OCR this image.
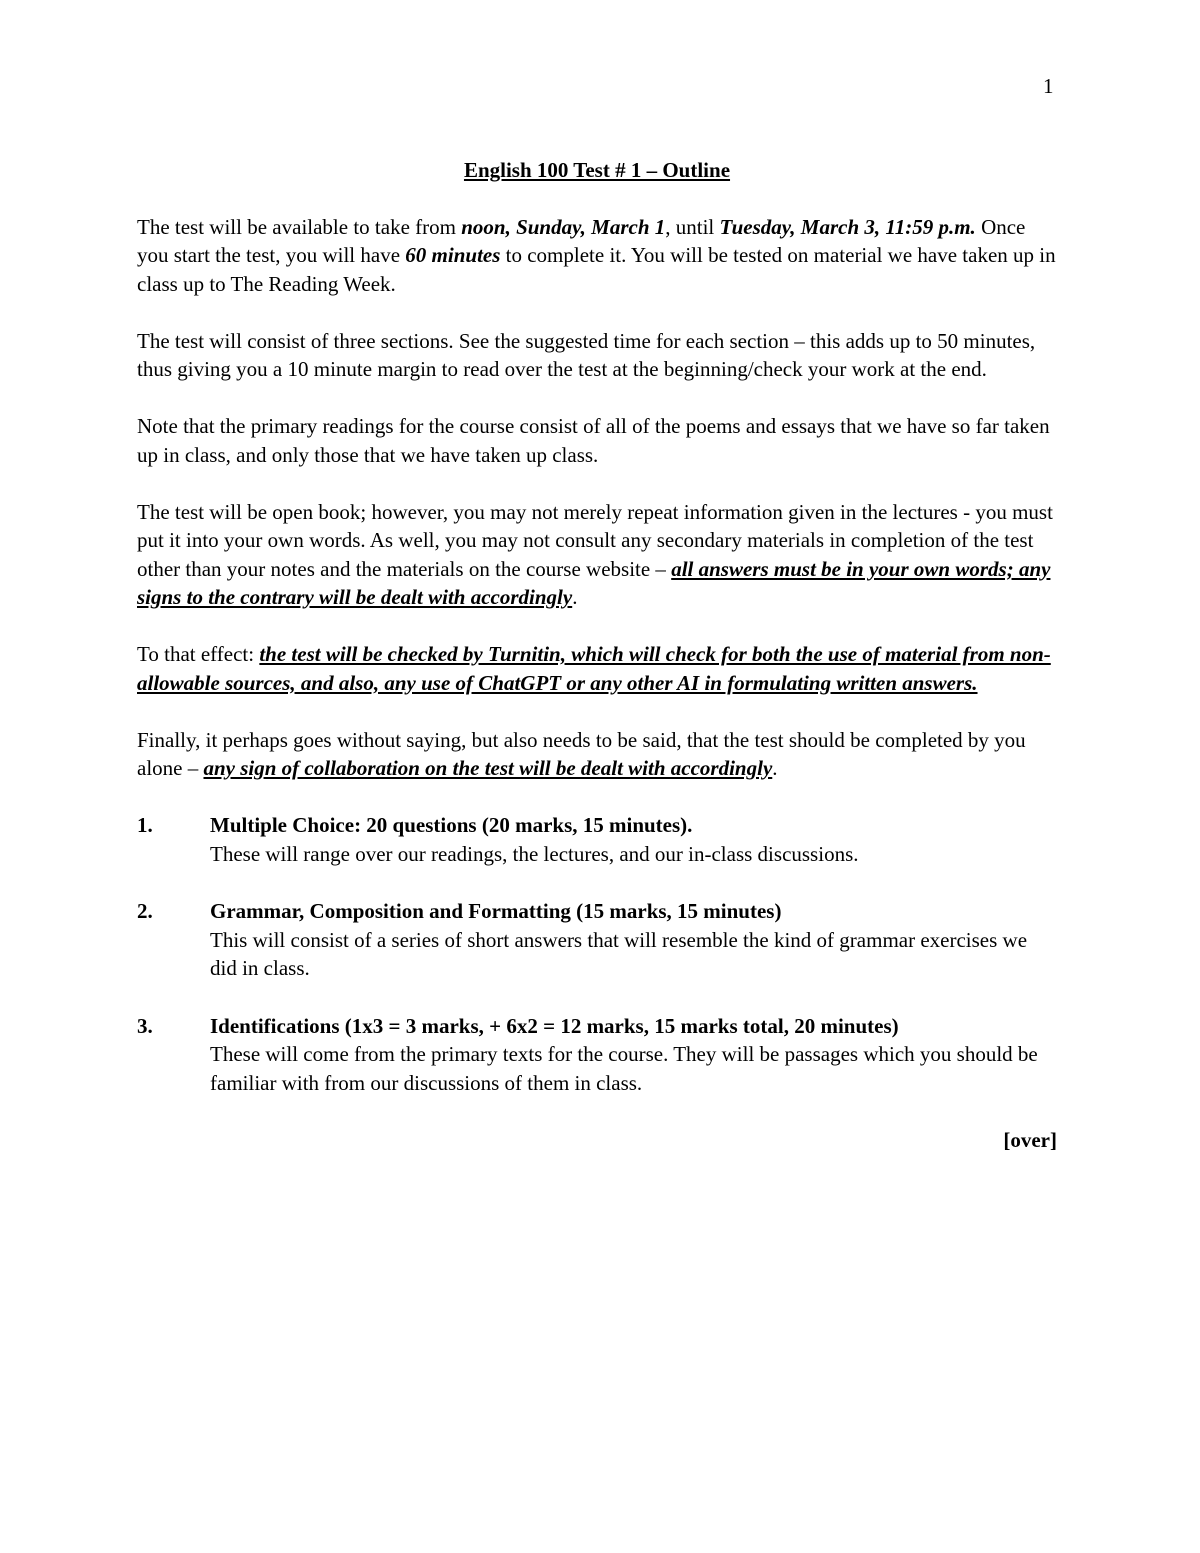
1
English 100 Test # 1 – Outline

The test will be available to take from noon, Sunday, March 1, until Tuesday, March 3, 11:59 p.m. Once you start the test, you will have 60 minutes to complete it. You will be tested on material we have taken up in class up to The Reading Week.

The test will consist of three sections. See the suggested time for each section – this adds up to 50 minutes, thus giving you a 10 minute margin to read over the test at the beginning/check your work at the end.

Note that the primary readings for the course consist of all of the poems and essays that we have so far taken up in class, and only those that we have taken up class.

The test will be open book; however, you may not merely repeat information given in the lectures - you must put it into your own words. As well, you may not consult any secondary materials in completion of the test other than your notes and the materials on the course website – all answers must be in your own words; any signs to the contrary will be dealt with accordingly.

To that effect: the test will be checked by Turnitin, which will check for both the use of material from non-allowable sources, and also, any use of ChatGPT or any other AI in formulating written answers.

Finally, it perhaps goes without saying, but also needs to be said, that the test should be completed by you alone – any sign of collaboration on the test will be dealt with accordingly.

1.	Multiple Choice: 20 questions (20 marks, 15 minutes).
These will range over our readings, the lectures, and our in-class discussions.
2.	Grammar, Composition and Formatting (15 marks, 15 minutes)
This will consist of a series of short answers that will resemble the kind of grammar exercises we did in class.
3.	Identifications (1x3 = 3 marks, + 6x2 = 12 marks, 15 marks total, 20 minutes)
These will come from the primary texts for the course. They will be passages which you should be familiar with from our discussions of them in class.
[over]
